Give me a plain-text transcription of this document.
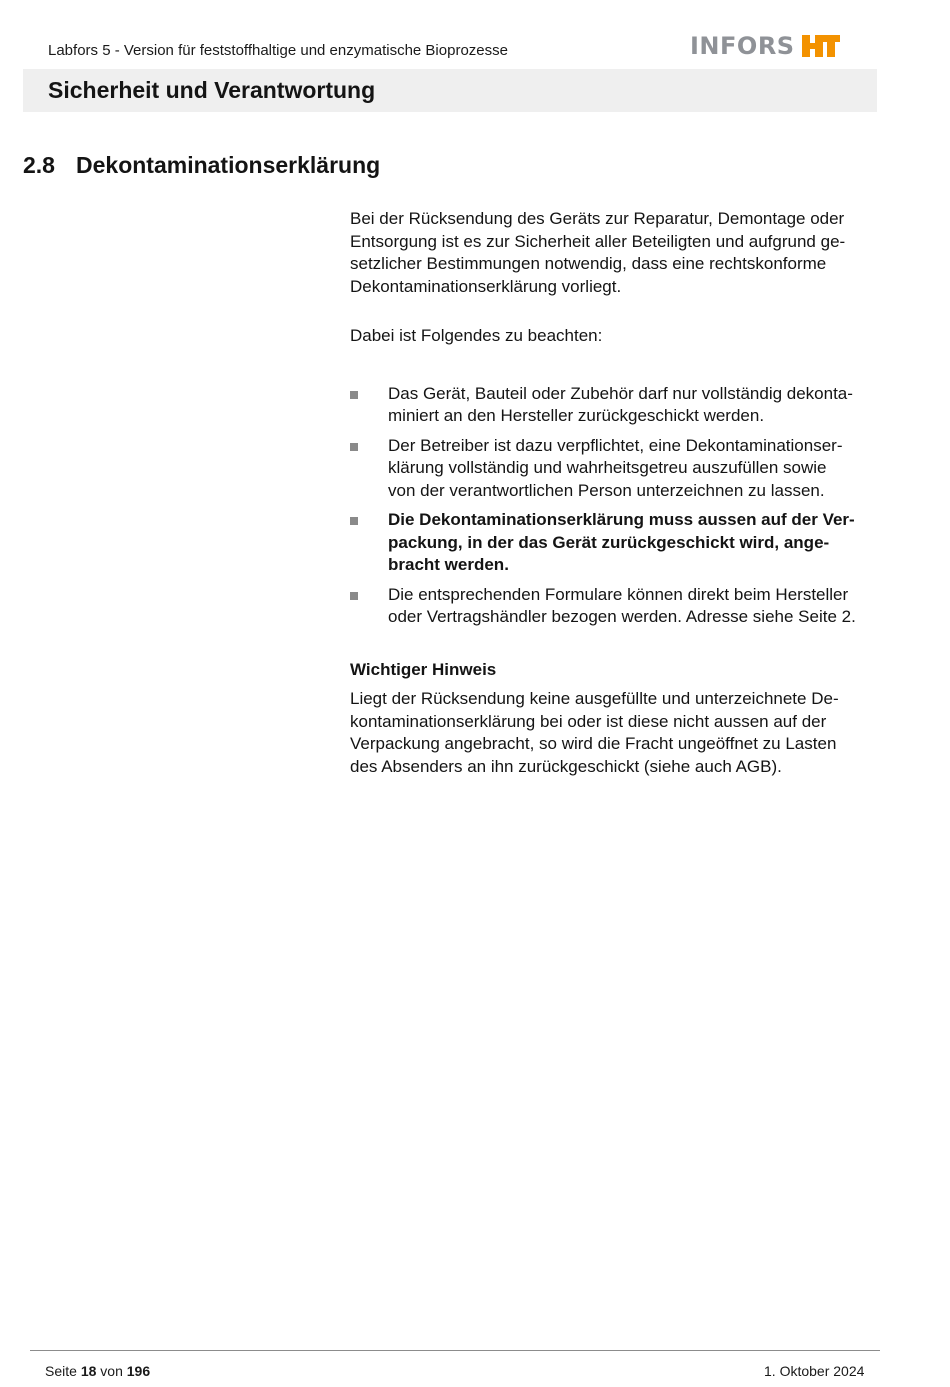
Labfors 5 - Version für feststoffhaltige und enzymatische Bioprozesse	INFORS
Sicherheit und Verantwortung
2.8 Dekontaminationserklärung

Bei der Rücksendung des Geräts zur Reparatur, Demontage oder
Entsorgung ist es zur Sicherheit aller Beteiligten und aufgrund ge-
setzlicher Bestimmungen notwendig, dass eine rechtskonforme
Dekontaminationserklärung vorliegt.

Dabei ist Folgendes zu beachten:

Das Gerät, Bauteil oder Zubehör darf nur vollständig dekonta-
miniert an den Hersteller zurückgeschickt werden.
Der Betreiber ist dazu verpflichtet, eine Dekontaminationser-
klärung vollständig und wahrheitsgetreu auszufüllen sowie
von der verantwortlichen Person unterzeichnen zu lassen.
Die Dekontaminationserklärung muss aussen auf der Ver-
packung, in der das Gerät zurückgeschickt wird, ange-
bracht werden.
Die entsprechenden Formulare können direkt beim Hersteller
oder Vertragshändler bezogen werden. Adresse siehe Seite 2.

Wichtiger Hinweis

Liegt der Rücksendung keine ausgefüllte und unterzeichnete De-
kontaminationserklärung bei oder ist diese nicht aussen auf der
Verpackung angebracht, so wird die Fracht ungeöffnet zu Lasten
des Absenders an ihn zurückgeschickt (siehe auch AGB).

Seite 18 von 196	1. Oktober 2024
